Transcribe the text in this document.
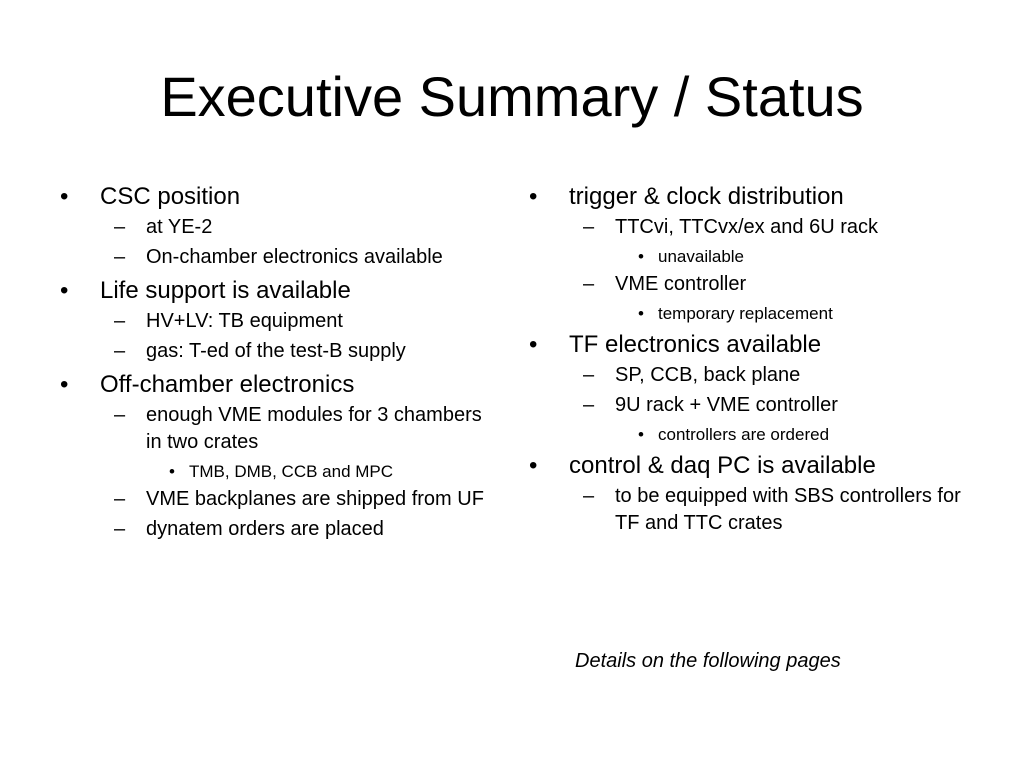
Executive Summary / Status
• CSC position
– at YE-2
– On-chamber electronics available
• Life support is available
– HV+LV: TB equipment
– gas: T-ed of the test-B supply
• Off-chamber electronics
– enough VME modules for 3 chambers in two crates
• TMB, DMB, CCB and MPC
– VME backplanes are shipped from UF
– dynatem orders are placed
• trigger & clock distribution
– TTCvi, TTCvx/ex and 6U rack
• unavailable
– VME controller
• temporary replacement
• TF electronics available
– SP, CCB, back plane
– 9U rack + VME controller
• controllers are ordered
• control & daq PC is available
– to be equipped with SBS controllers for TF and TTC crates
Details on the following pages
